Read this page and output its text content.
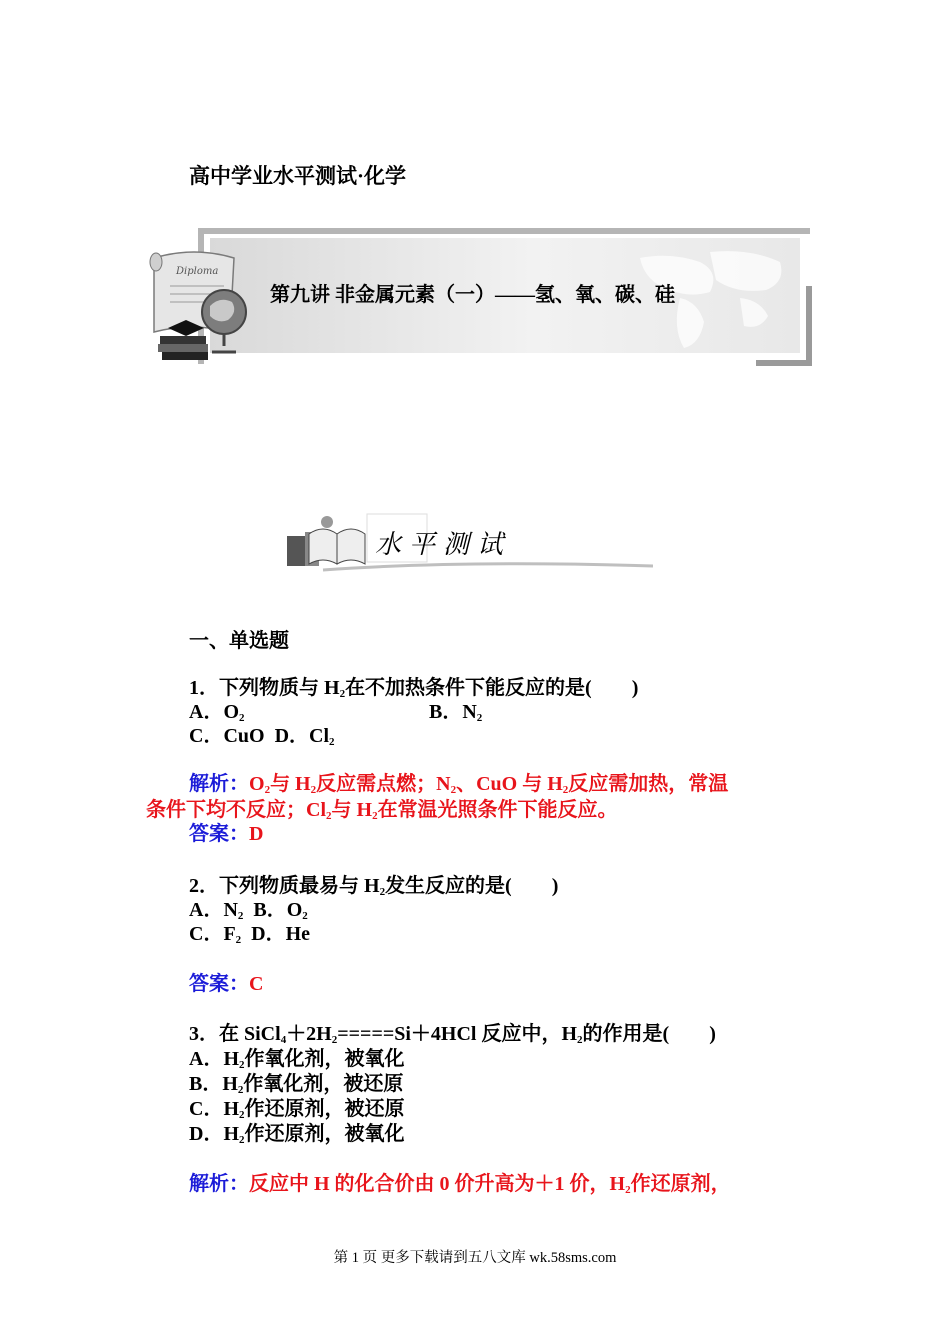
高中学业水平测试·化学
Diploma
第九讲 非金属元素（一）——氢、氧、碳、硅
水平测试
一、单选题
1．下列物质与 $H_2$在不加热条件下能反应的是(　　)
A．$O_2$	B．$N_2$
C．CuO D．$Cl_2$
解析：$O_2$与 $H_2$反应需点燃；$N_2$、CuO 与 $H_2$反应需加热，常温
条件下均不反应；$Cl_2$与 $H_2$在常温光照条件下能反应。
答案：D
2．下列物质最易与 $H_2$发生反应的是(　　)
A．$N_2$ B．$O_2$
C．$F_2$ D．He
答案：C
3．在 $SiCl_4+2H_2=====Si+4HCl$ 反应中，$H_2$的作用是(　　)
A．$H_2$作氧化剂，被氧化
B．$H_2$作氧化剂，被还原
C．$H_2$作还原剂，被还原
D．$H_2$作还原剂，被氧化
解析：反应中 H 的化合价由 0 价升高为＋1 价，$H_2$作还原剂，
第 1 页 更多下载请到五八文库 wk.58sms.com
